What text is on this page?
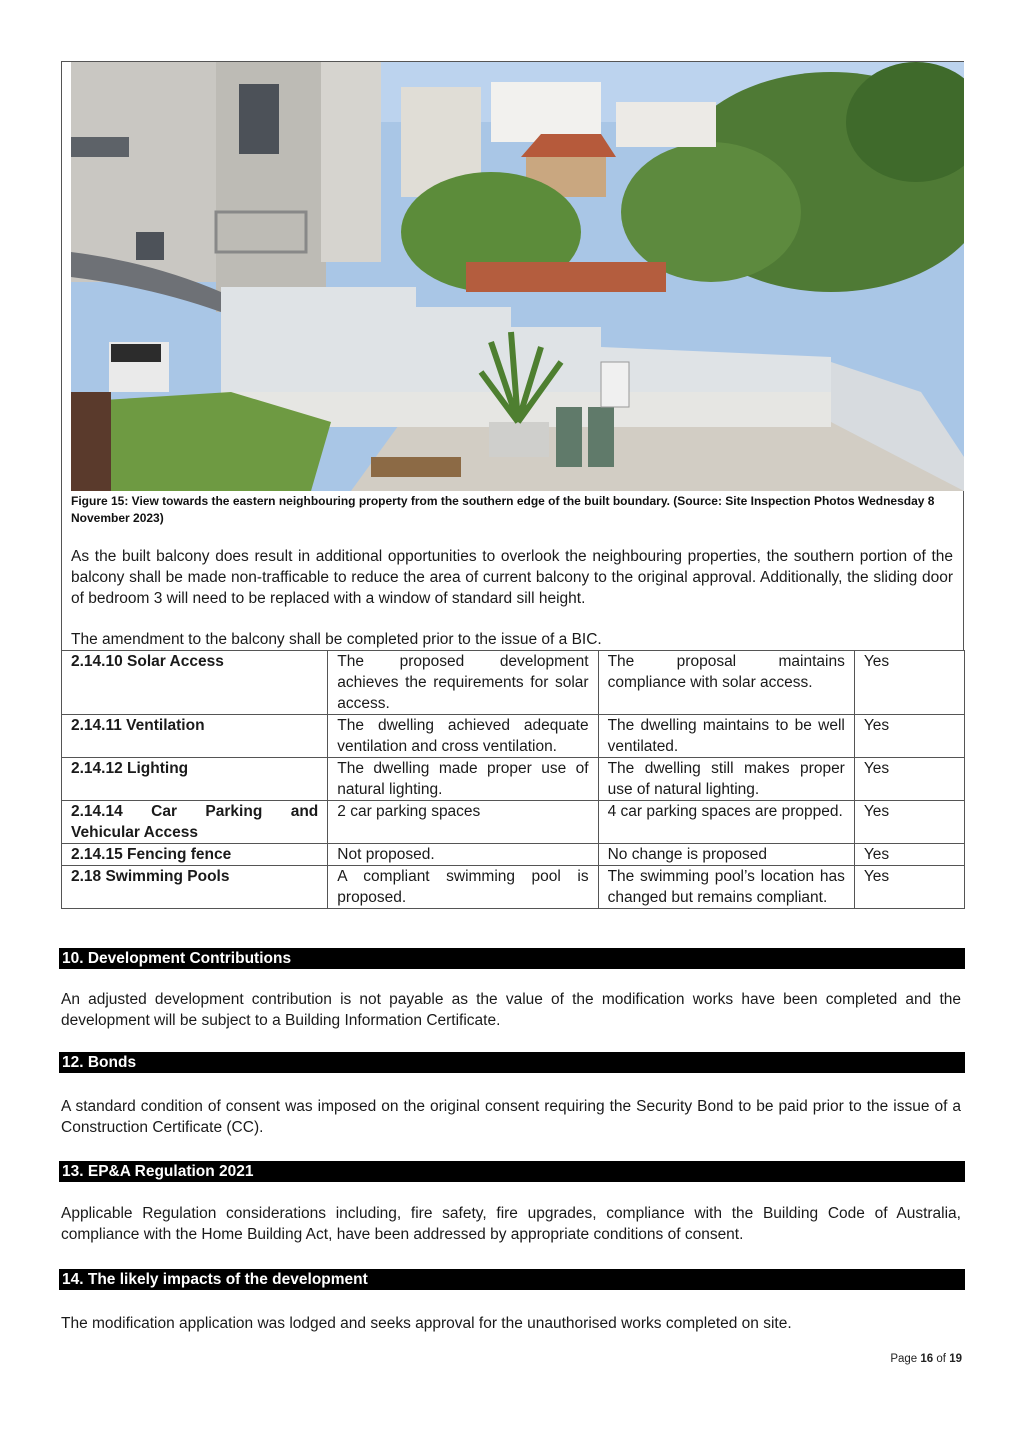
Figure 15: View towards the eastern neighbouring property from the southern edge of the built boundary. (Source: Site Inspection Photos Wednesday 8 November 2023)
As the built balcony does result in additional opportunities to overlook the neighbouring properties, the southern portion of the balcony shall be made non-trafficable to reduce the area of current balcony to the original approval. Additionally, the sliding door of bedroom 3 will need to be replaced with a window of standard sill height.
The amendment to the balcony shall be completed prior to the issue of a BIC.
2.14.10 Solar Access	The proposed development achieves the requirements for solar access.	The proposal maintains compliance with solar access.	Yes
2.14.11 Ventilation	The dwelling achieved adequate ventilation and cross ventilation.	The dwelling maintains to be well ventilated.	Yes
2.14.12 Lighting	The dwelling made proper use of natural lighting.	The dwelling still makes proper use of natural lighting.	Yes
2.14.14 Car Parking and Vehicular Access	2 car parking spaces	4 car parking spaces are propped.	Yes
2.14.15 Fencing fence	Not proposed.	No change is proposed	Yes
2.18 Swimming Pools	A compliant swimming pool is proposed.	The swimming pool’s location has changed but remains compliant.	Yes
10. Development Contributions
An adjusted development contribution is not payable as the value of the modification works have been completed and the development will be subject to a Building Information Certificate.
12. Bonds
A standard condition of consent was imposed on the original consent requiring the Security Bond to be paid prior to the issue of a Construction Certificate (CC).
13. EP&A Regulation 2021
Applicable Regulation considerations including, fire safety, fire upgrades, compliance with the Building Code of Australia, compliance with the Home Building Act, have been addressed by appropriate conditions of consent.
14. The likely impacts of the development
The modification application was lodged and seeks approval for the unauthorised works completed on site.
Page 16 of 19
